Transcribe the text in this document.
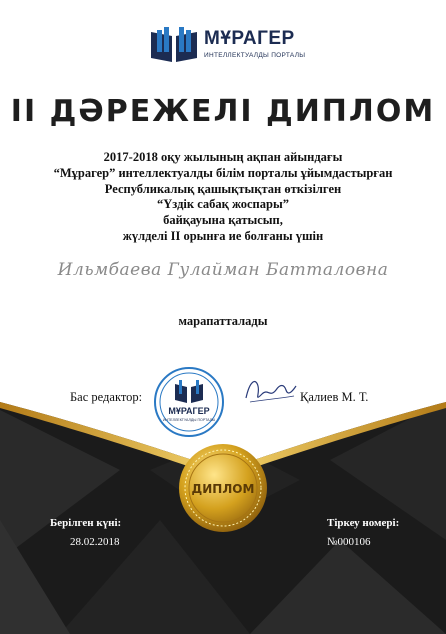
МҰРАГЕР
ИНТЕЛЛЕКТУАЛДЫ ПОРТАЛЫ
II ДӘРЕЖЕЛІ ДИПЛОМ
2017-2018 оқу жылының ақпан айындағы
“Мұрагер” интеллектуалды білім порталы ұйымдастырған
Республикалық қашықтықтан өткізілген
“Үздік сабақ жоспары”
байқауына қатысып,
жүлделі ІІ орынға ие болғаны үшін
Ильмбаева Гулайман Батталовна
марапатталады
Бас редактор:
МҰРАГЕР
ИНТЕЛЛЕКТУАЛДЫ ПОРТАЛЫ
Қалиев М. Т.
ДИПЛОМ
Берілген күні:
28.02.2018
Тіркеу номері:
№000106
